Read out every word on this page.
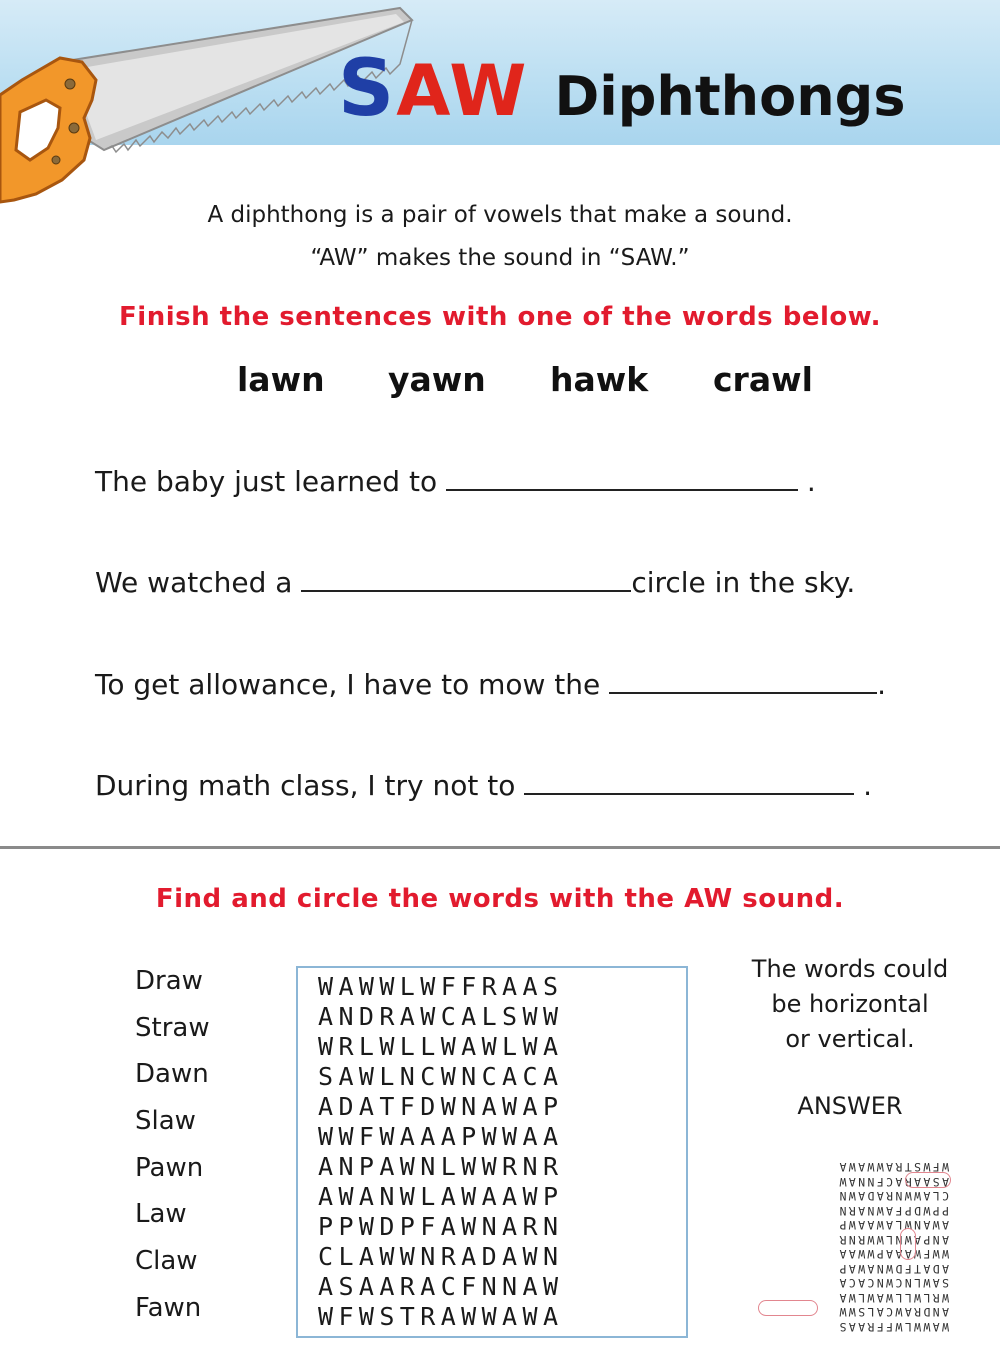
SAW Diphthongs
A diphthong is a pair of vowels that make a sound.
“AW” makes the sound in “SAW.”
Finish the sentences with one of the words below.
lawn yawn hawk crawl
The baby just learned to	.
We watched a	circle in the sky.
To get allowance, I have to mow the	.
During math class, I try not to	.
Find and circle the words with the AW sound.
Draw
Straw
Dawn
Slaw
Pawn
Law
Claw
Fawn
WAWWLWFFRAAS
ANDRAWCALSWW
WRLWLLWAWLWA
SAWLNCWNCACA
ADATFDWNAWAP
WWFWAAAPWWAA
ANPAWNLWWRNR
AWANWLAWAAWP
PPWDPFAWNARN
CLAWWNRADAWN
ASAARACFNNAW
WFWSTRAWWAWA
The words could
be horizontal
or vertical.
ANSWER

WAWWLWFFRAAS

ANDRAWCALSWW

WRLWLLWAWLWA

SAWLNCWNCACA

ADATFDWNAWAP

WWFWAAAPWWAA

ANPAWNLWWRNR

AWANWLAWAAWP

PPWDPFAWNARN

CLAWWNRADAWN

ASAARACFNNAW

WFWSTRAWWAWA
